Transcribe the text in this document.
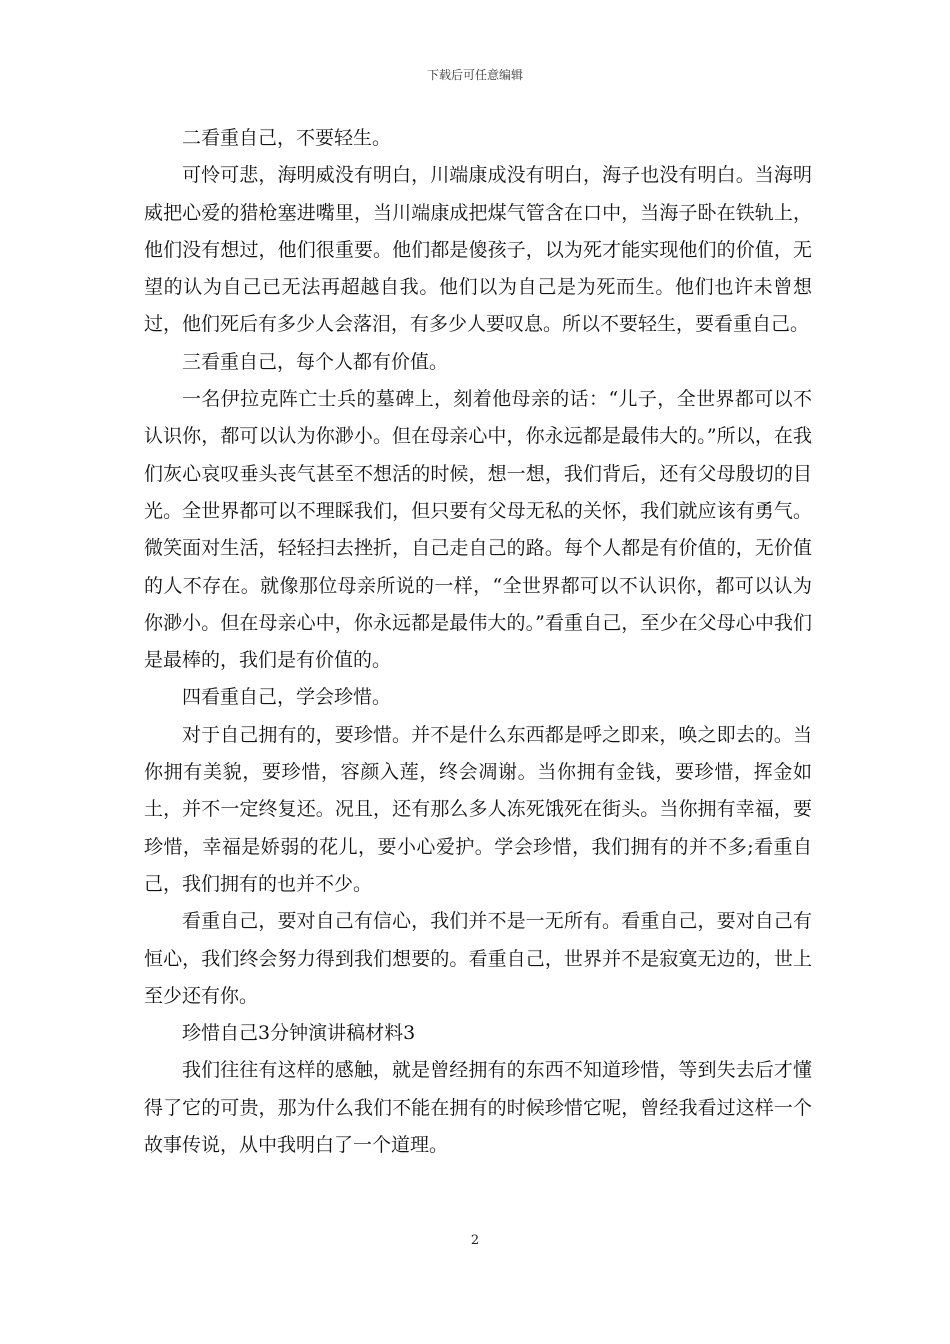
下载后可任意编辑

二看重自己，不要轻生。

可怜可悲，海明威没有明白，川端康成没有明白，海子也没有明白。当海明威把心爱的猎枪塞进嘴里，当川端康成把煤气管含在口中，当海子卧在铁轨上，他们没有想过，他们很重要。他们都是傻孩子，以为死才能实现他们的价值，无望的认为自己已无法再超越自我。他们以为自己是为死而生。他们也许未曾想过，他们死后有多少人会落泪，有多少人要叹息。所以不要轻生，要看重自己。

三看重自己，每个人都有价值。

一名伊拉克阵亡士兵的墓碑上，刻着他母亲的话：“儿子，全世界都可以不认识你，都可以认为你渺小。但在母亲心中，你永远都是最伟大的。”所以，在我们灰心哀叹垂头丧气甚至不想活的时候，想一想，我们背后，还有父母殷切的目光。全世界都可以不理睬我们，但只要有父母无私的关怀，我们就应该有勇气。微笑面对生活，轻轻扫去挫折，自己走自己的路。每个人都是有价值的，无价值的人不存在。就像那位母亲所说的一样，“全世界都可以不认识你，都可以认为你渺小。但在母亲心中，你永远都是最伟大的。”看重自己，至少在父母心中我们是最棒的，我们是有价值的。

四看重自己，学会珍惜。

对于自己拥有的，要珍惜。并不是什么东西都是呼之即来，唤之即去的。当你拥有美貌，要珍惜，容颜入莲，终会凋谢。当你拥有金钱，要珍惜，挥金如土，并不一定终复还。况且，还有那么多人冻死饿死在街头。当你拥有幸福，要珍惜，幸福是娇弱的花儿，要小心爱护。学会珍惜，我们拥有的并不多;看重自己，我们拥有的也并不少。

看重自己，要对自己有信心，我们并不是一无所有。看重自己，要对自己有恒心，我们终会努力得到我们想要的。看重自己，世界并不是寂寞无边的，世上至少还有你。

珍惜自己3分钟演讲稿材料3

我们往往有这样的感触，就是曾经拥有的东西不知道珍惜，等到失去后才懂得了它的可贵，那为什么我们不能在拥有的时候珍惜它呢，曾经我看过这样一个故事传说，从中我明白了一个道理。

2
